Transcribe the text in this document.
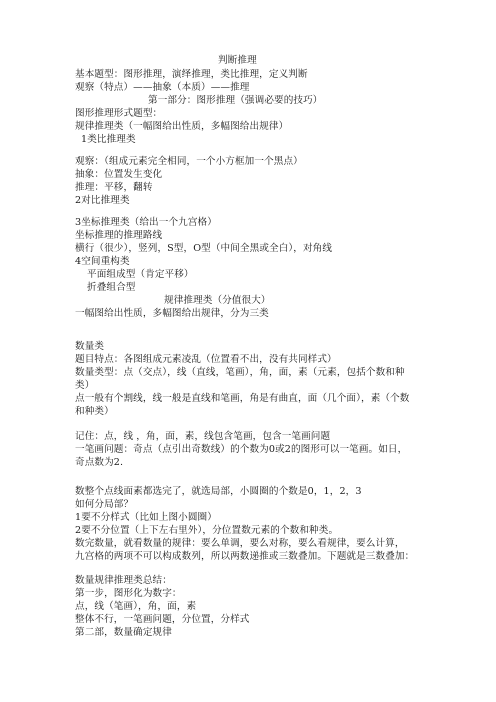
判断推理
基本题型：图形推理，演绎推理，类比推理，定义判断
观察（特点）——抽象（本质）——推理
第一部分：图形推理（强调必要的技巧）
图形推理形式题型：
规律推理类（一幅图给出性质，多幅图给出规律）
1类比推理类
观察：（组成元素完全相同，一个小方框加一个黑点）
抽象：位置发生变化
推理：平移，翻转
2对比推理类
3坐标推理类（给出一个九宫格）
坐标推理的推理路线
横行（很少），竖列，S型，O型（中间全黑或全白），对角线
4空间重构类
平面组成型（肯定平移）
折叠组合型
规律推理类（分值很大）
一幅图给出性质，多幅图给出规律，分为三类
数量类
题目特点：各图组成元素凌乱（位置看不出，没有共同样式）
数量类型：点（交点），线（直线，笔画），角，面，素（元素，包括个数和种
类）
点一般有个割线，线一般是直线和笔画，角是有曲直，面（几个面），素（个数
和种类）
记住：点，线 ，角，面，素，线包含笔画，包含一笔画问题
一笔画问题：奇点（点引出奇数线）的个数为0或2的图形可以一笔画。如日，
奇点数为2.
数整个点线面素都选完了，就选局部，小圆圈的个数是0，1，2，3
如何分局部？
1要不分样式（比如上图小圆圈）
2要不分位置（上下左右里外），分位置数元素的个数和种类。
数完数量，就看数量的规律：要么单调，要么对称，要么看规律，要么计算，
九宫格的两项不可以构成数列，所以两数递推或三数叠加。下题就是三数叠加：
数量规律推理类总结：
第一步，图形化为数字：
点，线（笔画），角，面，素
整体不行，一笔画问题，分位置，分样式
第二部，数量确定规律
